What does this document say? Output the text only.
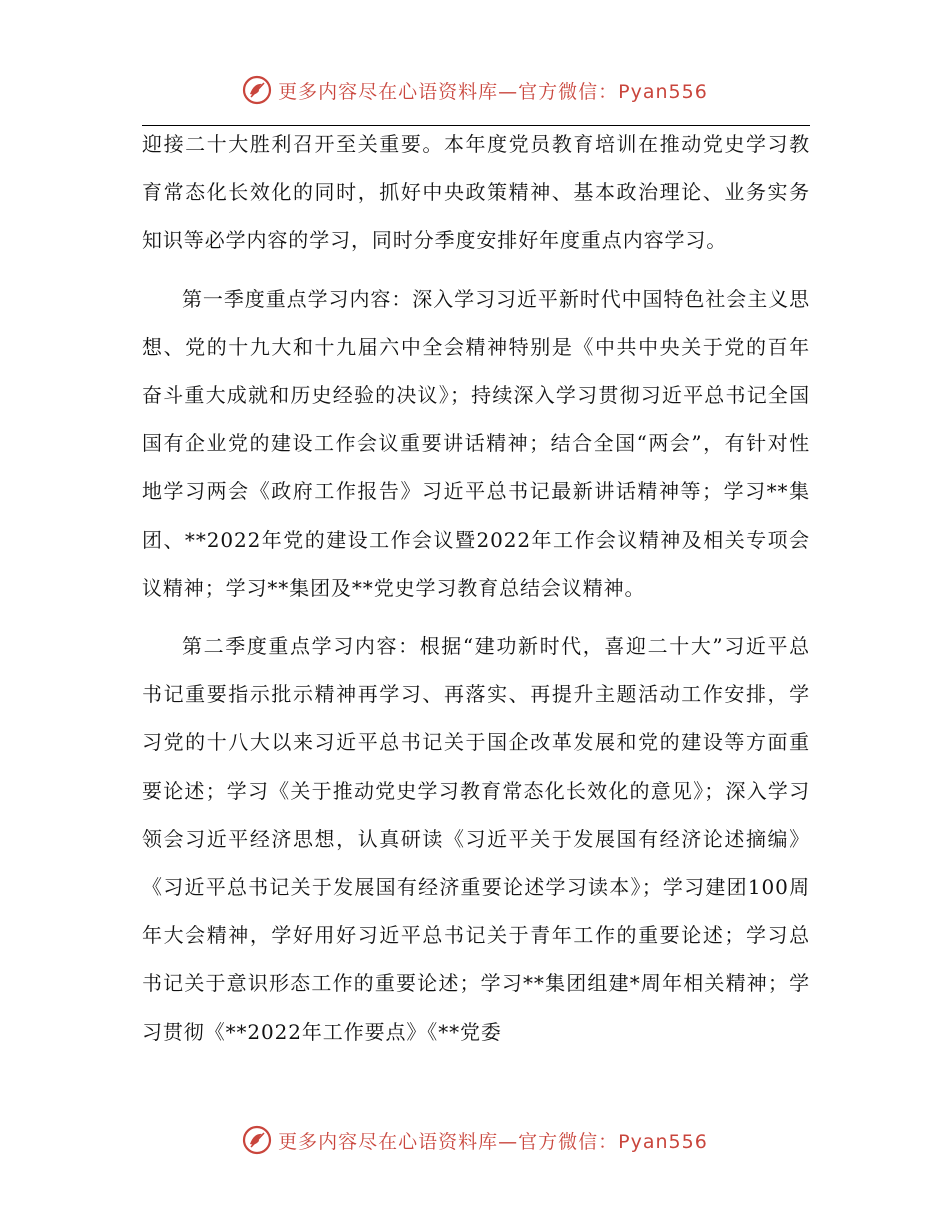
更多内容尽在心语资料库—官方微信：Pyan556

迎接二十大胜利召开至关重要。本年度党员教育培训在推动党史学习教育常态化长效化的同时，抓好中央政策精神、基本政治理论、业务实务知识等必学内容的学习，同时分季度安排好年度重点内容学习。

第一季度重点学习内容：深入学习习近平新时代中国特色社会主义思想、党的十九大和十九届六中全会精神特别是《中共中央关于党的百年奋斗重大成就和历史经验的决议》；持续深入学习贯彻习近平总书记全国国有企业党的建设工作会议重要讲话精神；结合全国“两会”，有针对性地学习两会《政府工作报告》习近平总书记最新讲话精神等；学习**集团、**2022年党的建设工作会议暨2022年工作会议精神及相关专项会议精神；学习**集团及**党史学习教育总结会议精神。

第二季度重点学习内容：根据“建功新时代，喜迎二十大”习近平总书记重要指示批示精神再学习、再落实、再提升主题活动工作安排，学习党的十八大以来习近平总书记关于国企改革发展和党的建设等方面重要论述；学习《关于推动党史学习教育常态化长效化的意见》；深入学习领会习近平经济思想，认真研读《习近平关于发展国有经济论述摘编》《习近平总书记关于发展国有经济重要论述学习读本》；学习建团100周年大会精神，学好用好习近平总书记关于青年工作的重要论述；学习总书记关于意识形态工作的重要论述；学习**集团组建*周年相关精神；学习贯彻《**2022年工作要点》《**党委

更多内容尽在心语资料库—官方微信：Pyan556
